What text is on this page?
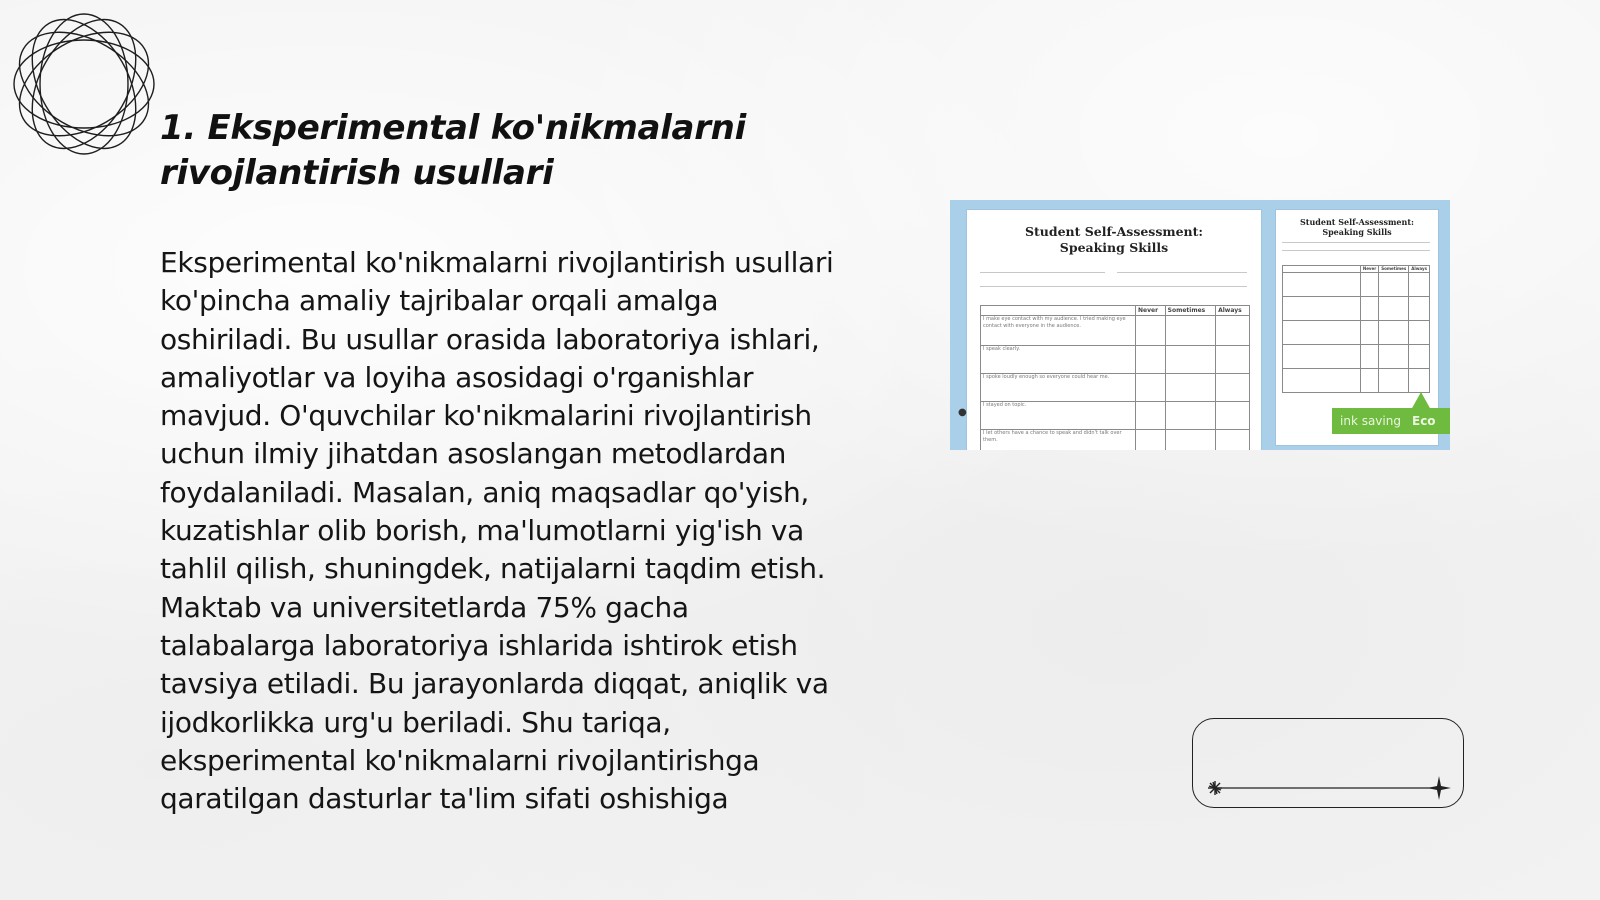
1. Eksperimental ko'nikmalarni rivojlantirish usullari

Eksperimental ko'nikmalarni rivojlantirish usullari ko'pincha amaliy tajribalar orqali amalga oshiriladi. Bu usullar orasida laboratoriya ishlari, amaliyotlar va loyiha asosidagi o'rganishlar mavjud. O'quvchilar ko'nikmalarini rivojlantirish uchun ilmiy jihatdan asoslangan metodlardan foydalaniladi. Masalan, aniq maqsadlar qo'yish, kuzatishlar olib borish, ma'lumotlarni yig'ish va tahlil qilish, shuningdek, natijalarni taqdim etish. Maktab va universitetlarda 75% gacha talabalarga laboratoriya ishlarida ishtirok etish tavsiya etiladi. Bu jarayonlarda diqqat, aniqlik va ijodkorlikka urg'u beriladi. Shu tariqa, eksperimental ko'nikmalarni rivojlantirishga qaratilgan dasturlar ta'lim sifati oshishiga

Student Self-Assessment:
Speaking Skills
	Never	Sometimes	Always
I make eye contact with my audience. I tried making eye contact with everyone in the audience.			
I speak clearly.			
I spoke loudly enough so everyone could hear me.			
I stayed on topic.			
I let others have a chance to speak and didn't talk over them.			
Student Self-Assessment:
Speaking Skills
	Never	Sometimes	Always

●
ink saving Eco
